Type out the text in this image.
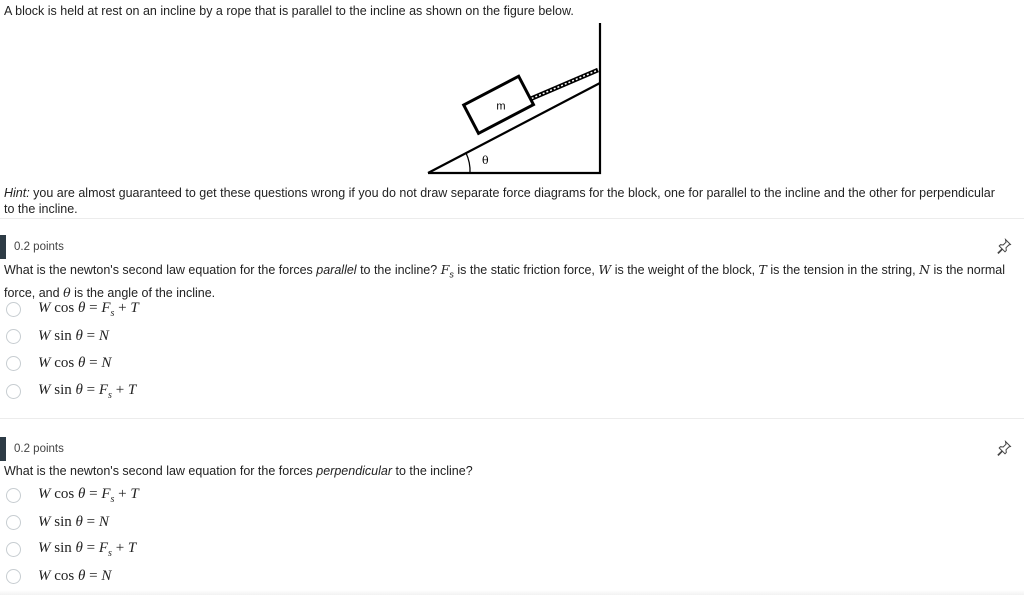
A block is held at rest on an incline by a rope that is parallel to the incline as shown on the figure below.
m
θ
Hint: you are almost guaranteed to get these questions wrong if you do not draw separate force diagrams for the block, one for parallel to the incline and the other for perpendicular to the incline.
0.2 points
What is the newton's second law equation for the forces parallel to the incline? $F_s$ is the static friction force, W is the weight of the block, T is the tension in the string, N is the normal force, and θ is the angle of the incline.
W $\cos \theta = F_s + T$
W sin θ = N
W cos θ = N
W $\sin \theta = F_s + T$
0.2 points
What is the newton's second law equation for the forces perpendicular to the incline?
W $\cos \theta = F_s + T$
W sin θ = N
W $\sin \theta = F_s + T$
W cos θ = N
